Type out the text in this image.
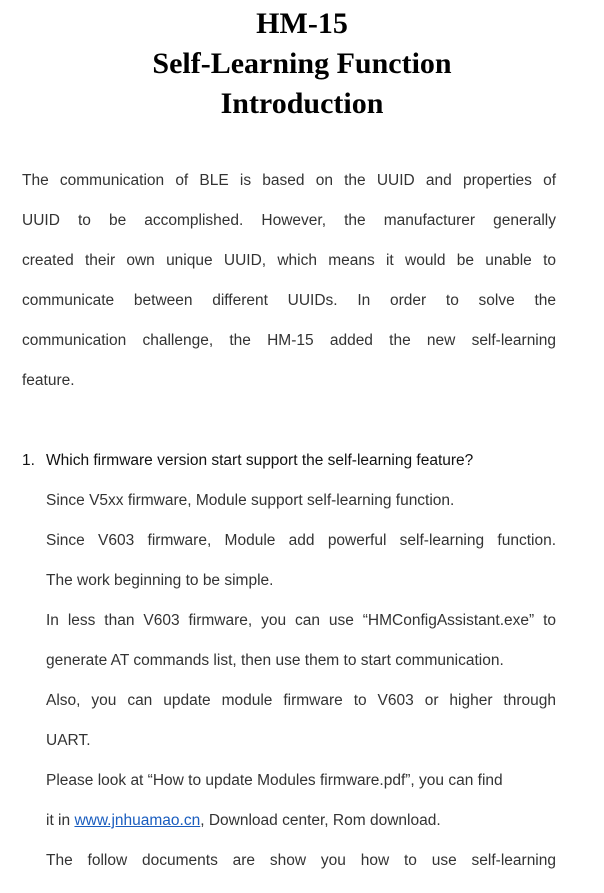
HM-15
Self-Learning Function
Introduction
The communication of BLE is based on the UUID and properties of
UUID to be accomplished. However, the manufacturer generally
created their own unique UUID, which means it would be unable to
communicate between different UUIDs. In order to solve the
communication challenge, the HM-15 added the new self-learning
feature.
1. Which firmware version start support the self-learning feature?
Since V5xx firmware, Module support self-learning function.
Since V603 firmware, Module add powerful self-learning function.
The work beginning to be simple.
In less than V603 firmware, you can use “HMConfigAssistant.exe” to
generate AT commands list, then use them to start communication.
Also, you can update module firmware to V603 or higher through
UART.
Please look at “How to update Modules firmware.pdf”, you can find
it in www.jnhuamao.cn, Download center, Rom download.
The follow documents are show you how to use self-learning
